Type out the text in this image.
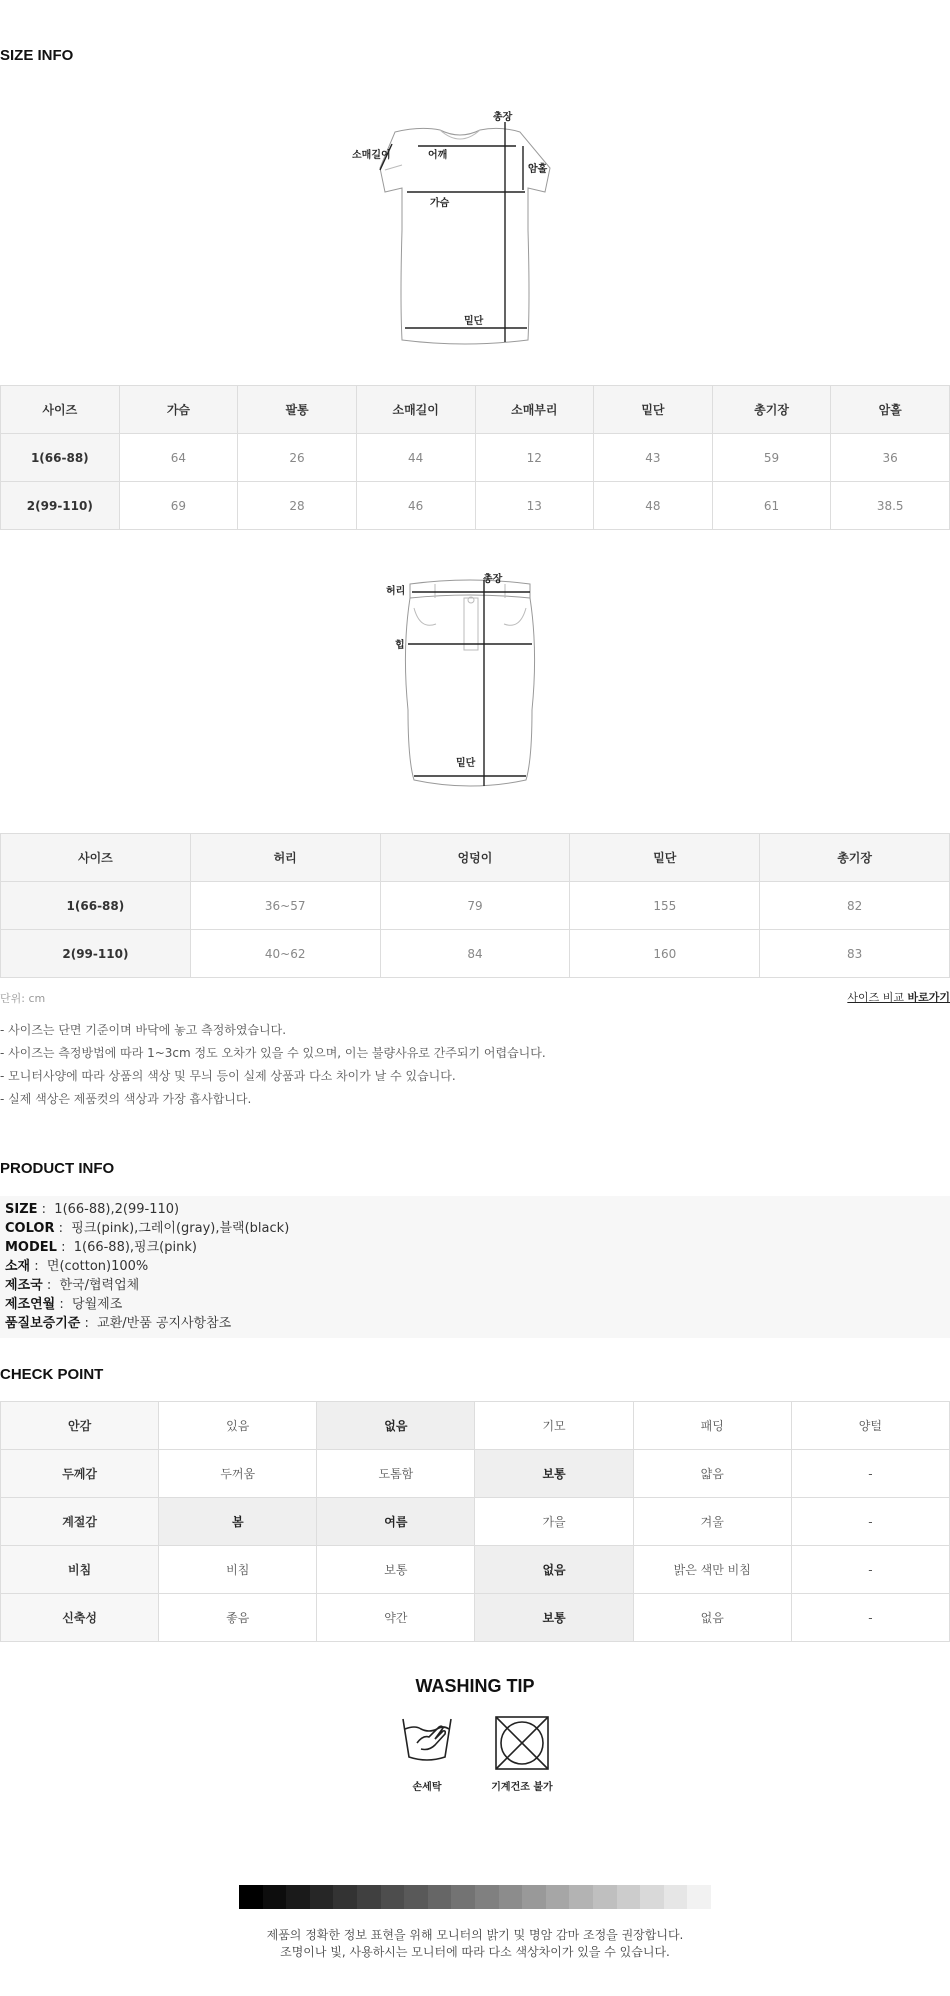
SIZE INFO
총장
소매길이	어깨
암홀
가슴
밑단
사이즈	가슴	팔통	소매길이	소매부리	밑단	총기장	암홀
1(66-88)	64	26	44	12	43	59	36
2(99-110)	69	28	46	13	48	61	38.5
총장
허리
힙
밑단
사이즈	허리	엉덩이	밑단	총기장
1(66-88)	36~57	79	155	82
2(99-110)	40~62	84	160	83
단위: cm	사이즈 비교 바로가기

- 사이즈는 단면 기준이며 바닥에 놓고 측정하였습니다.

- 사이즈는 측정방법에 따라 1~3cm 정도 오차가 있을 수 있으며, 이는 불량사유로 간주되기 어렵습니다.

- 모니터사양에 따라 상품의 색상 및 무늬 등이 실제 상품과 다소 차이가 날 수 있습니다.

- 실제 색상은 제품컷의 색상과 가장 흡사합니다.

PRODUCT INFO
SIZE :  1(66-88),2(99-110)
COLOR :  핑크(pink),그레이(gray),블랙(black)
MODEL :  1(66-88),핑크(pink)
소재 :  면(cotton)100%
제조국 :  한국/협력업체
제조연월 :  당월제조
품질보증기준 :  교환/반품 공지사항참조
CHECK POINT
안감	있음	없음	기모	패딩	양털
두께감	두꺼움	도톰함	보통	얇음	-
계절감	봄	여름	가을	겨울	-
비침	비침	보통	없음	밝은 색만 비침	-
신축성	좋음	약간	보통	없음	-
WASHING TIP
손세탁	기계건조 불가
제품의 정확한 정보 표현을 위해 모니터의 밝기 및 명암 감마 조정을 권장합니다.
조명이나 빛, 사용하시는 모니터에 따라 다소 색상차이가 있을 수 있습니다.
